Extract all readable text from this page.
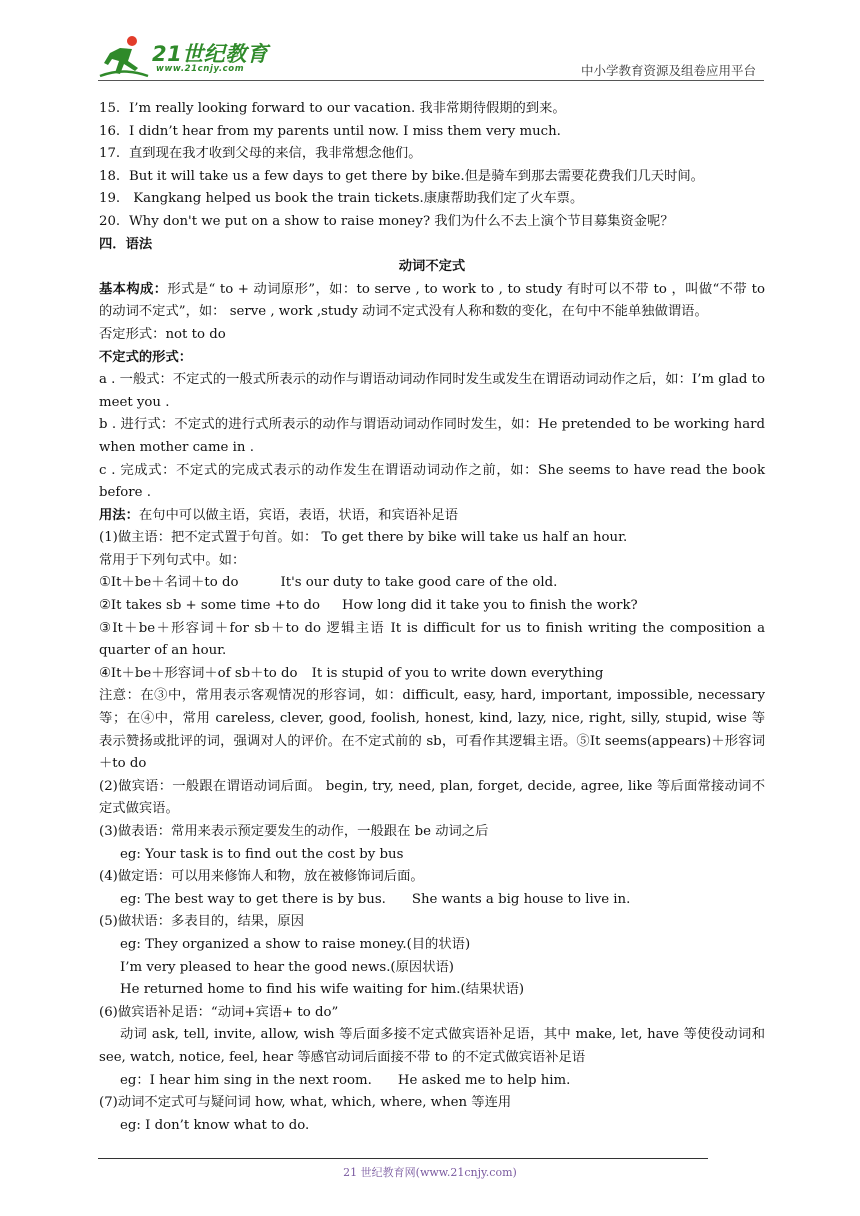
21世纪教育
www.21cnjy.com	中小学教育资源及组卷应用平台
15. I’m really looking forward to our vacation. 我非常期待假期的到来。
16. I didn’t hear from my parents until now. I miss them very much.
17. 直到现在我才收到父母的来信，我非常想念他们。
18. But it will take us a few days to get there by bike.但是骑车到那去需要花费我们几天时间。
19. Kangkang helped us book the train tickets.康康帮助我们定了火车票。
20. Why don't we put on a show to raise money? 我们为什么不去上演个节目募集资金呢？
四．语法
动词不定式
基本构成：形式是“ to + 动词原形”，如：to serve , to work to , to study 有时可以不带 to ，叫做“不带 to 的动词不定式”，如： serve , work ,study 动词不定式没有人称和数的变化，在句中不能单独做谓语。
否定形式：not to do
不定式的形式：
a . 一般式：不定式的一般式所表示的动作与谓语动词动作同时发生或发生在谓语动词动作之后，如：I’m glad to meet you .
b . 进行式：不定式的进行式所表示的动作与谓语动词动作同时发生，如：He pretended to be working hard when mother came in .
c . 完成式：不定式的完成式表示的动作发生在谓语动词动作之前，如：She seems to have read the book before .
用法：在句中可以做主语，宾语，表语，状语，和宾语补足语
(1)做主语：把不定式置于句首。如： To get there by bike will take us half an hour.
常用于下列句式中。如：
①It＋be＋名词＋to do	It's our duty to take good care of the old.
②It takes sb + some time +to do How long did it take you to finish the work?
③It＋be＋形容词＋for sb＋to do 逻辑主语 It is difficult for us to finish writing the composition a quarter of an hour.
④It＋be＋形容词＋of sb＋to do It is stupid of you to write down everything
注意：在③中，常用表示客观情况的形容词，如：difficult, easy, hard, important, impossible, necessary 等；在④中，常用 careless, clever, good, foolish, honest, kind, lazy, nice, right, silly, stupid, wise 等 表示赞扬或批评的词，强调对人的评价。在不定式前的 sb，可看作其逻辑主语。⑤It seems(appears)＋形容词＋to do
(2)做宾语：一般跟在谓语动词后面。 begin, try, need, plan, forget, decide, agree, like 等后面常接动词不定式做宾语。
(3)做表语：常用来表示预定要发生的动作，一般跟在 be 动词之后
eg: Your task is to find out the cost by bus
(4)做定语：可以用来修饰人和物，放在被修饰词后面。
eg: The best way to get there is by bus. She wants a big house to live in.
(5)做状语：多表目的，结果，原因
eg: They organized a show to raise money.(目的状语)
I’m very pleased to hear the good news.(原因状语)
He returned home to find his wife waiting for him.(结果状语)
(6)做宾语补足语：“动词+宾语+ to do”
动词 ask, tell, invite, allow, wish 等后面多接不定式做宾语补足语，其中 make, let, have 等使役动词和 see, watch, notice, feel, hear 等感官动词后面接不带 to 的不定式做宾语补足语
eg：I hear him sing in the next room. He asked me to help him.
(7)动词不定式可与疑问词 how, what, which, where, when 等连用
eg: I don’t know what to do.
21 世纪教育网(www.21cnjy.com)
